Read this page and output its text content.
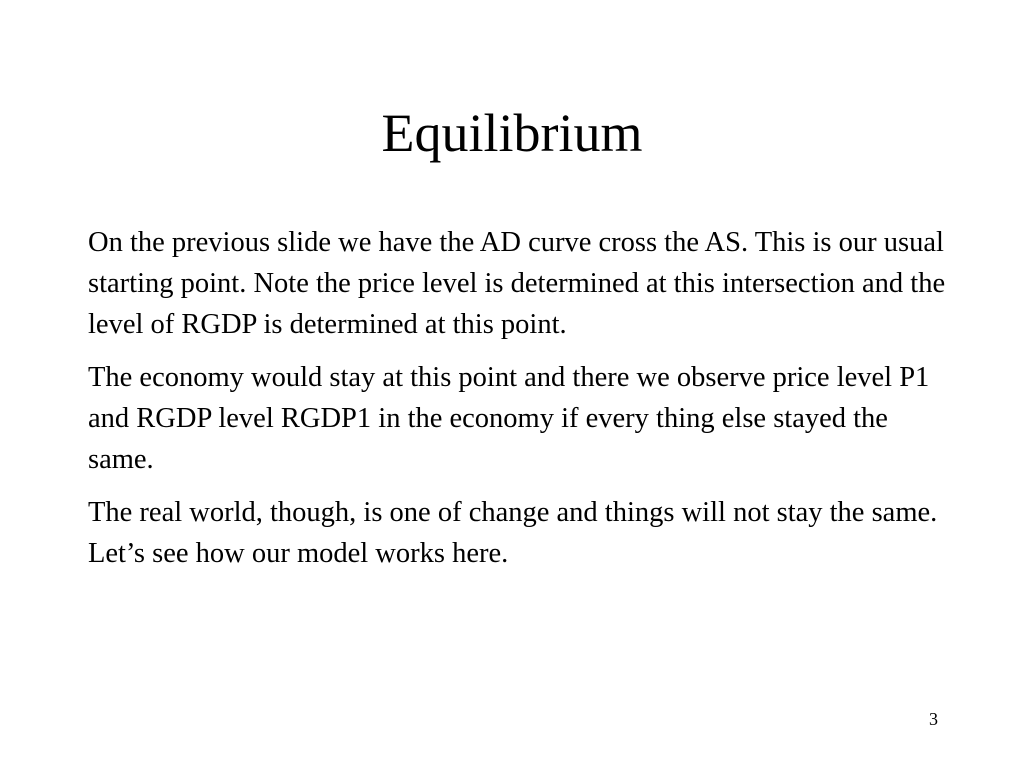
Equilibrium

On the previous slide we have the AD curve cross the AS. This is our usual starting point. Note the price level is determined at this intersection and the level of RGDP is determined at this point.

The economy would stay at this point and there we observe price level P1 and RGDP level RGDP1 in the economy if every thing else stayed the same.

The real world, though, is one of change and things will not stay the same. Let’s see how our model works here.

3
